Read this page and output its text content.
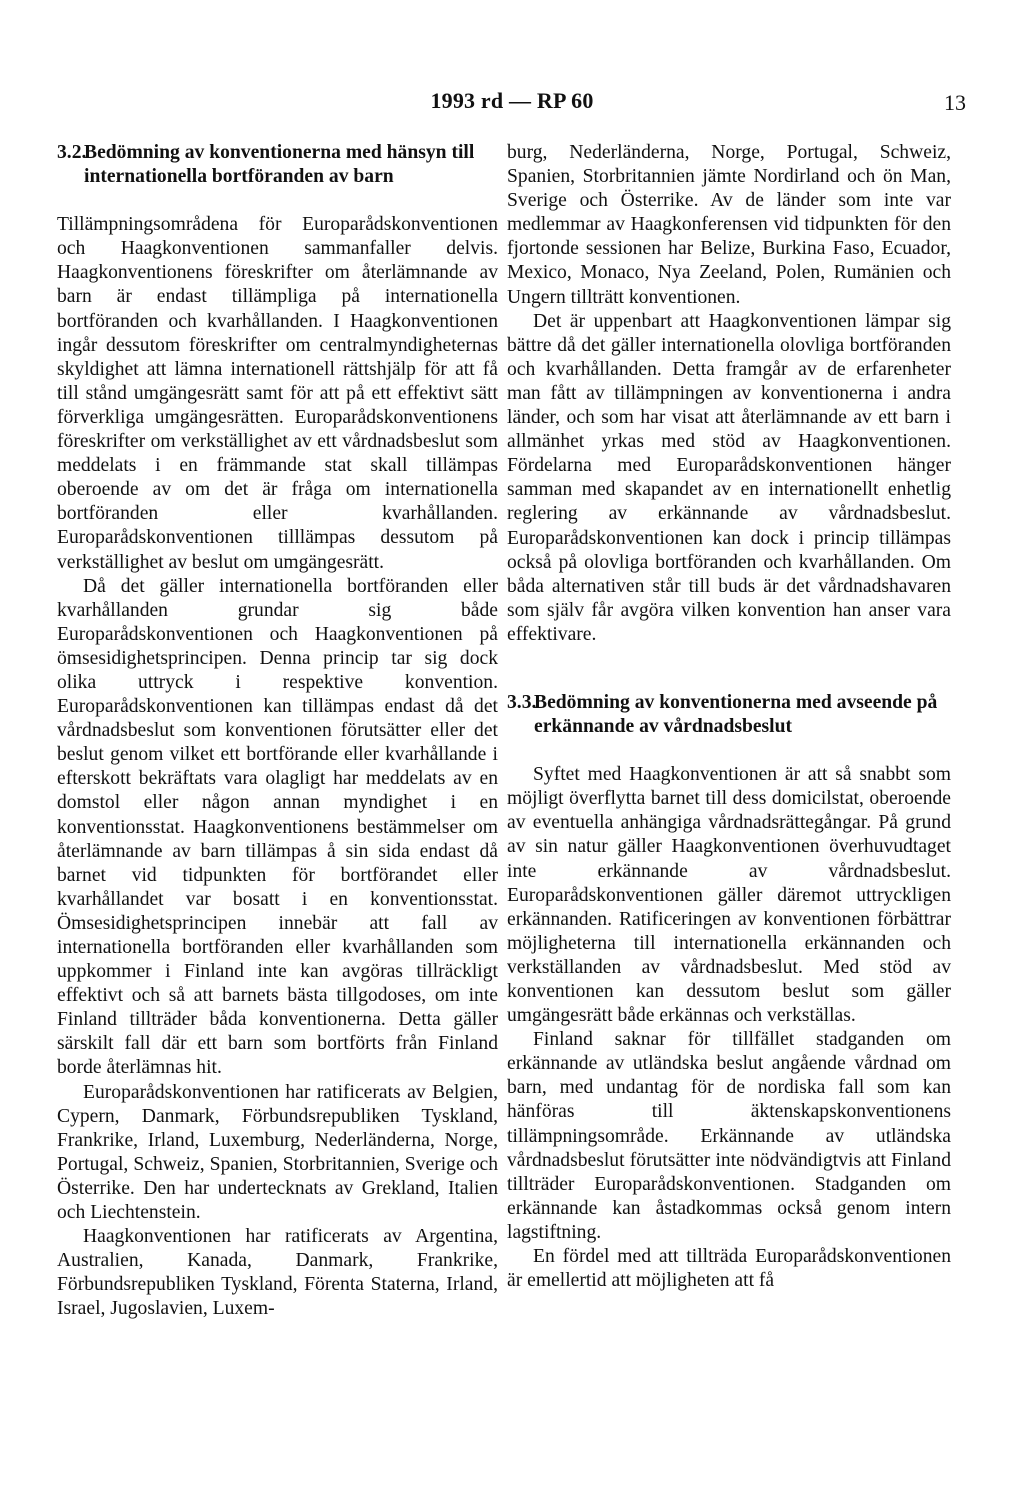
1993 rd — RP 60	13
3.2.
Bedömning av konventionerna med hänsyn till internationella bortföranden av barn

Tillämpningsområdena för Europarådskonventionen och Haagkonventionen sammanfaller delvis. Haagkonventionens föreskrifter om återlämnande av barn är endast tillämpliga på internationella bortföranden och kvarhållanden. I Haagkonventionen ingår dessutom föreskrifter om centralmyndigheternas skyldighet att lämna internationell rättshjälp för att få till stånd umgängesrätt samt för att på ett effektivt sätt förverkliga umgängesrätten. Europarådskonventionens föreskrifter om verkställighet av ett vårdnadsbeslut som meddelats i en främmande stat skall tillämpas oberoende av om det är fråga om internationella bortföranden eller kvarhållanden. Europarådskonventionen tilllämpas dessutom på verkställighet av beslut om umgängesrätt.

Då det gäller internationella bortföranden eller kvarhållanden grundar sig både Europarådskonventionen och Haagkonventionen på ömsesidighetsprincipen. Denna princip tar sig dock olika uttryck i respektive konvention. Europarådskonventionen kan tillämpas endast då det vårdnadsbeslut som konventionen förutsätter eller det beslut genom vilket ett bortförande eller kvarhållande i efterskott bekräftats vara olagligt har meddelats av en domstol eller någon annan myndighet i en konventionsstat. Haagkonventionens bestämmelser om återlämnande av barn tillämpas å sin sida endast då barnet vid tidpunkten för bortförandet eller kvarhållandet var bosatt i en konventionsstat. Ömsesidighetsprincipen innebär att fall av internationella bortföranden eller kvarhållanden som uppkommer i Finland inte kan avgöras tillräckligt effektivt och så att barnets bästa tillgodoses, om inte Finland tillträder båda konventionerna. Detta gäller särskilt fall där ett barn som bortförts från Finland borde återlämnas hit.

Europarådskonventionen har ratificerats av Belgien, Cypern, Danmark, Förbundsrepubliken Tyskland, Frankrike, Irland, Luxemburg, Nederländerna, Norge, Portugal, Schweiz, Spanien, Storbritannien, Sverige och Österrike. Den har undertecknats av Grekland, Italien och Liechtenstein.

Haagkonventionen har ratificerats av Argentina, Australien, Kanada, Danmark, Frankrike, Förbundsrepubliken Tyskland, Förenta Staterna, Irland, Israel, Jugoslavien, Luxem-

burg, Nederländerna, Norge, Portugal, Schweiz, Spanien, Storbritannien jämte Nordirland och ön Man, Sverige och Österrike. Av de länder som inte var medlemmar av Haagkonferensen vid tidpunkten för den fjortonde sessionen har Belize, Burkina Faso, Ecuador, Mexico, Monaco, Nya Zeeland, Polen, Rumänien och Ungern tillträtt konventionen.

Det är uppenbart att Haagkonventionen lämpar sig bättre då det gäller internationella olovliga bortföranden och kvarhållanden. Detta framgår av de erfarenheter man fått av tillämpningen av konventionerna i andra länder, och som har visat att återlämnande av ett barn i allmänhet yrkas med stöd av Haagkonventionen. Fördelarna med Europarådskonventionen hänger samman med skapandet av en internationellt enhetlig reglering av erkännande av vårdnadsbeslut. Europarådskonventionen kan dock i princip tillämpas också på olovliga bortföranden och kvarhållanden. Om båda alternativen står till buds är det vårdnadshavaren som själv får avgöra vilken konvention han anser vara effektivare.

3.3.
Bedömning av konventionerna med avseende på erkännande av vårdnadsbeslut

Syftet med Haagkonventionen är att så snabbt som möjligt överflytta barnet till dess domicilstat, oberoende av eventuella anhängiga vårdnadsrättegångar. På grund av sin natur gäller Haagkonventionen överhuvudtaget inte erkännande av vårdnadsbeslut. Europarådskonventionen gäller däremot uttryckligen erkännanden. Ratificeringen av konventionen förbättrar möjligheterna till internationella erkännanden och verkställanden av vårdnadsbeslut. Med stöd av konventionen kan dessutom beslut som gäller umgängesrätt både erkännas och verkställas.

Finland saknar för tillfället stadganden om erkännande av utländska beslut angående vårdnad om barn, med undantag för de nordiska fall som kan hänföras till äktenskapskonventionens tillämpningsområde. Erkännande av utländska vårdnadsbeslut förutsätter inte nödvändigtvis att Finland tillträder Europarådskonventionen. Stadganden om erkännande kan åstadkommas också genom intern lagstiftning.

En fördel med att tillträda Europarådskonventionen är emellertid att möjligheten att få
